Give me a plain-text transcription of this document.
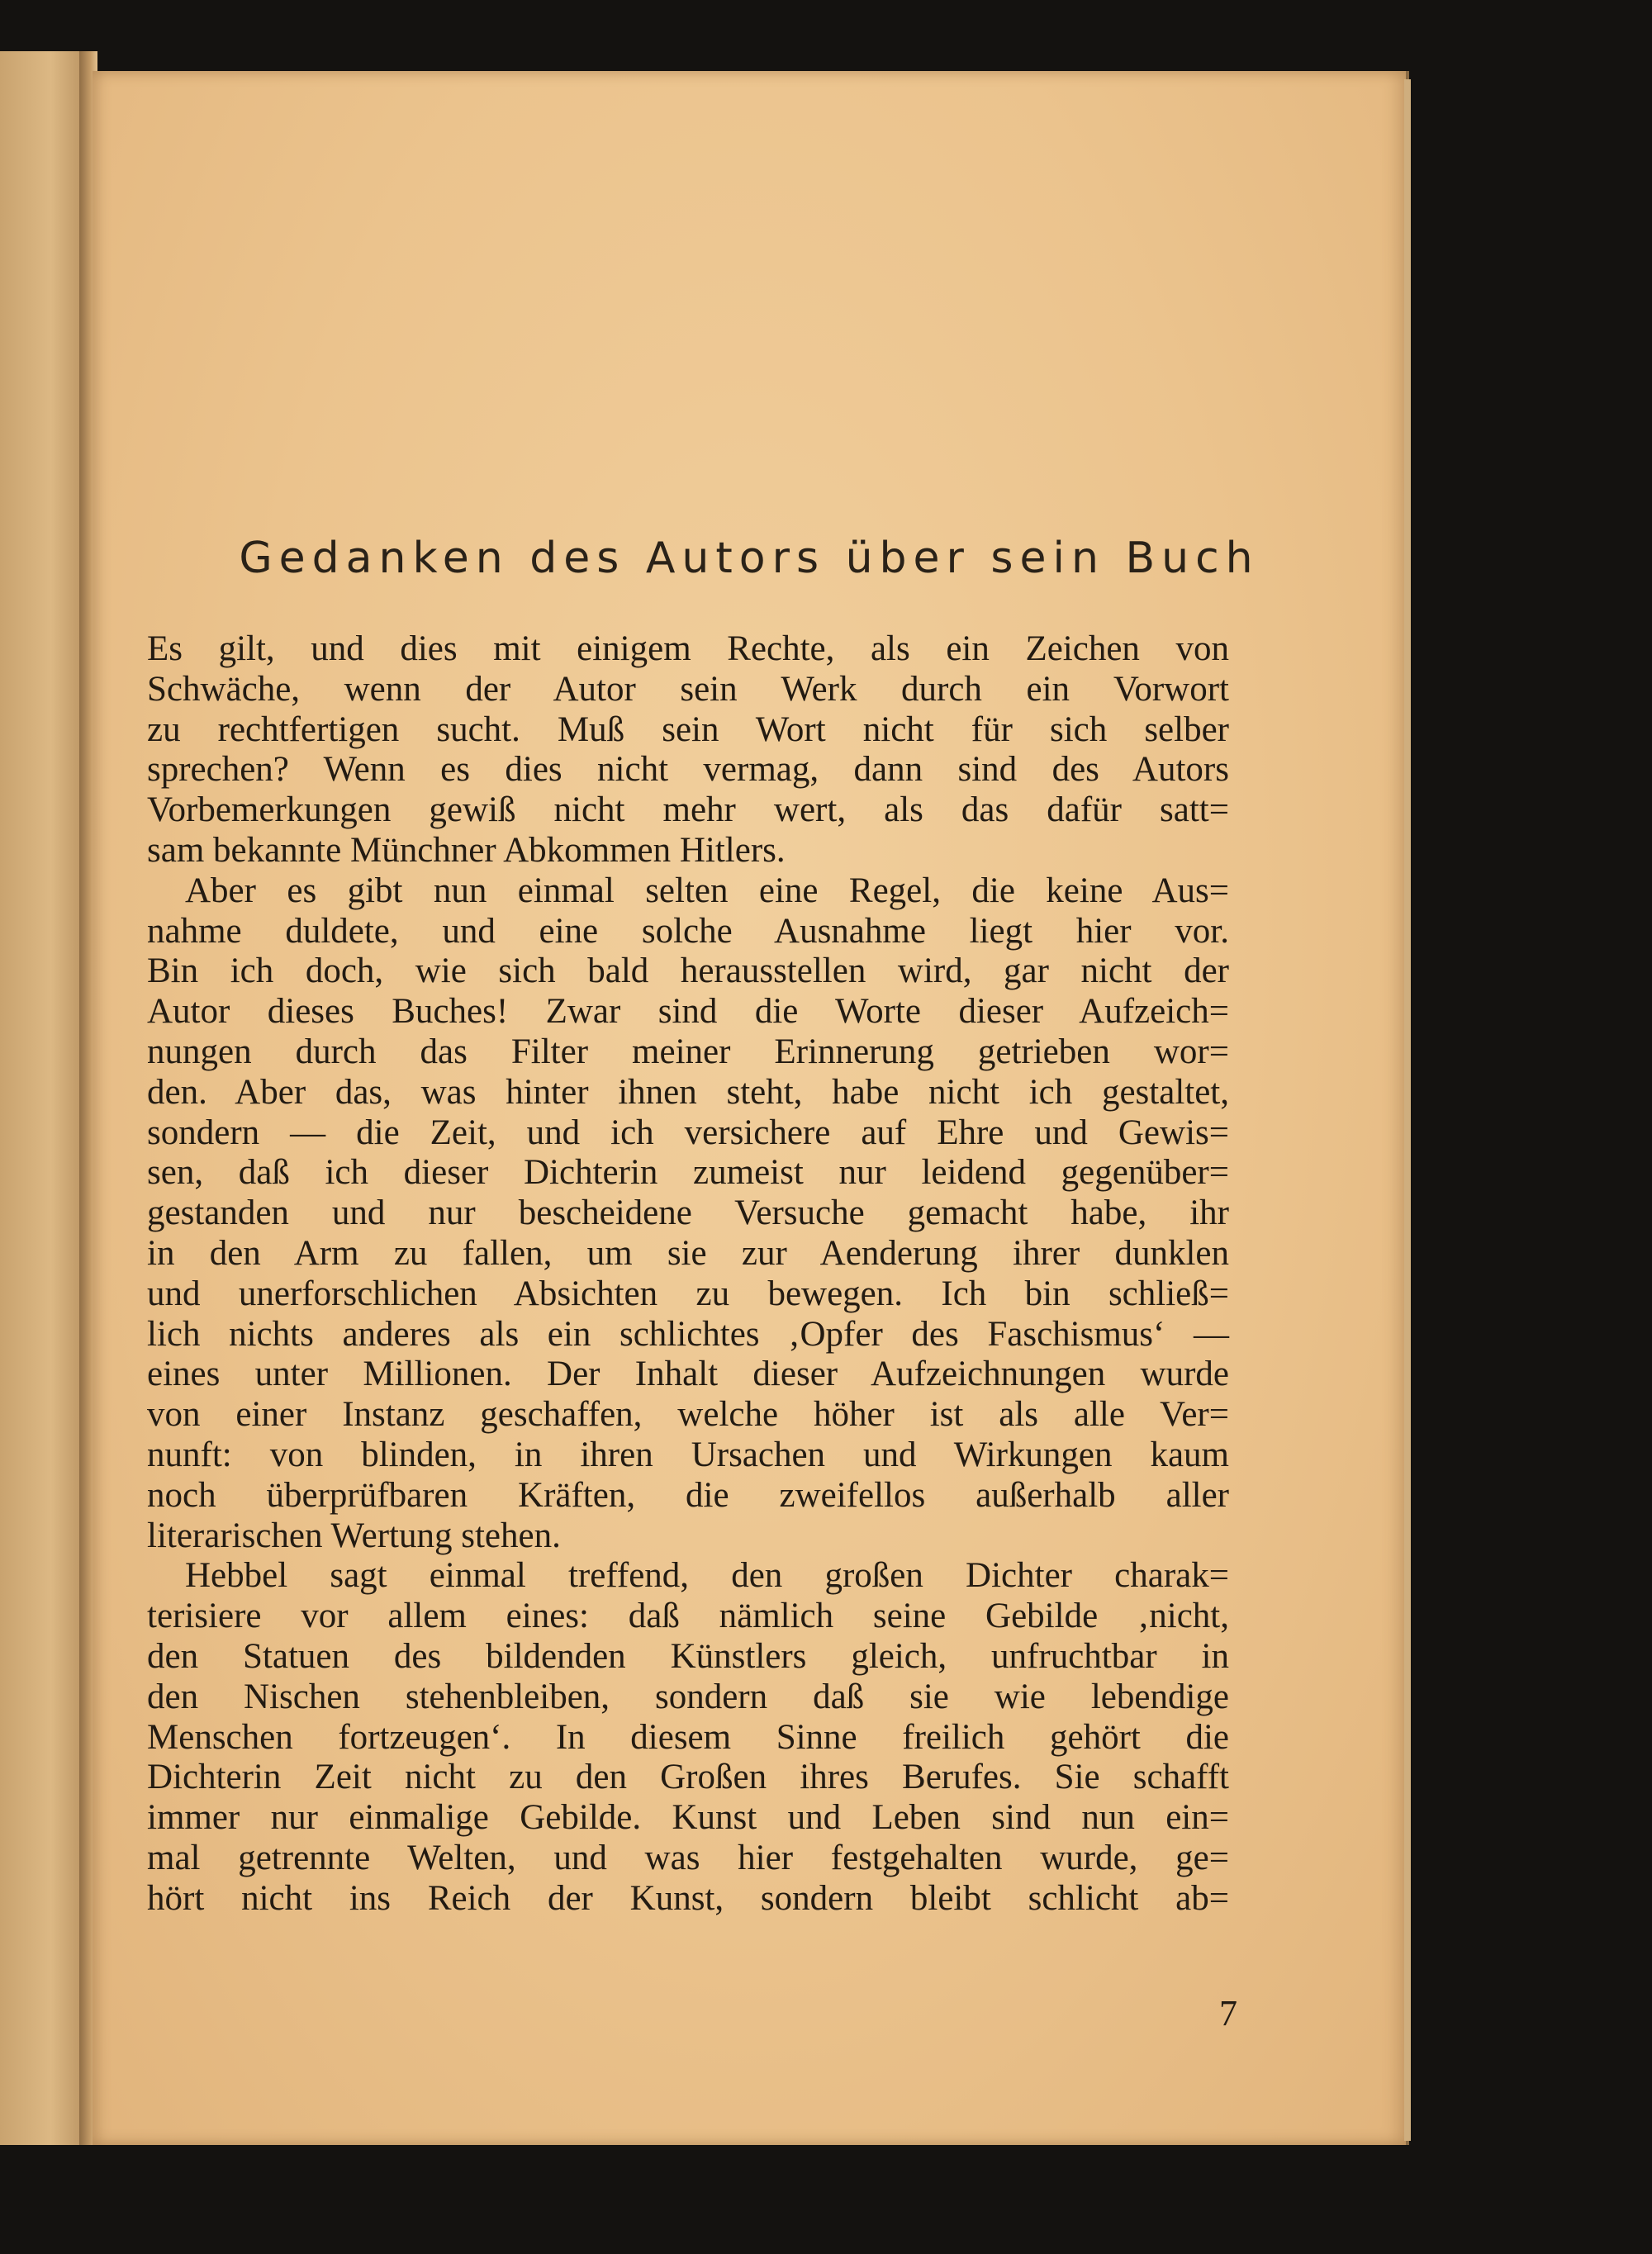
Gedanken des Autors über sein Buch
Es gilt, und dies mit einigem Rechte, als ein Zeichen von
Schwäche, wenn der Autor sein Werk durch ein Vorwort
zu rechtfertigen sucht. Muß sein Wort nicht für sich selber
sprechen? Wenn es dies nicht vermag, dann sind des Autors
Vorbemerkungen gewiß nicht mehr wert, als das dafür satt=
sam bekannte Münchner Abkommen Hitlers.
Aber es gibt nun einmal selten eine Regel, die keine Aus=
nahme duldete, und eine solche Ausnahme liegt hier vor.
Bin ich doch, wie sich bald herausstellen wird, gar nicht der
Autor dieses Buches! Zwar sind die Worte dieser Aufzeich=
nungen durch das Filter meiner Erinnerung getrieben wor=
den. Aber das, was hinter ihnen steht, habe nicht ich gestaltet,
sondern — die Zeit, und ich versichere auf Ehre und Gewis=
sen, daß ich dieser Dichterin zumeist nur leidend gegenüber=
gestanden und nur bescheidene Versuche gemacht habe, ihr
in den Arm zu fallen, um sie zur Aenderung ihrer dunklen
und unerforschlichen Absichten zu bewegen. Ich bin schließ=
lich nichts anderes als ein schlichtes ‚Opfer des Faschismus‘ —
eines unter Millionen. Der Inhalt dieser Aufzeichnungen wurde
von einer Instanz geschaffen, welche höher ist als alle Ver=
nunft: von blinden, in ihren Ursachen und Wirkungen kaum
noch überprüfbaren Kräften, die zweifellos außerhalb aller
literarischen Wertung stehen.
Hebbel sagt einmal treffend, den großen Dichter charak=
terisiere vor allem eines: daß nämlich seine Gebilde ‚nicht,
den Statuen des bildenden Künstlers gleich, unfruchtbar in
den Nischen stehenbleiben, sondern daß sie wie lebendige
Menschen fortzeugen‘. In diesem Sinne freilich gehört die
Dichterin Zeit nicht zu den Großen ihres Berufes. Sie schafft
immer nur einmalige Gebilde. Kunst und Leben sind nun ein=
mal getrennte Welten, und was hier festgehalten wurde, ge=
hört nicht ins Reich der Kunst, sondern bleibt schlicht ab=
7
